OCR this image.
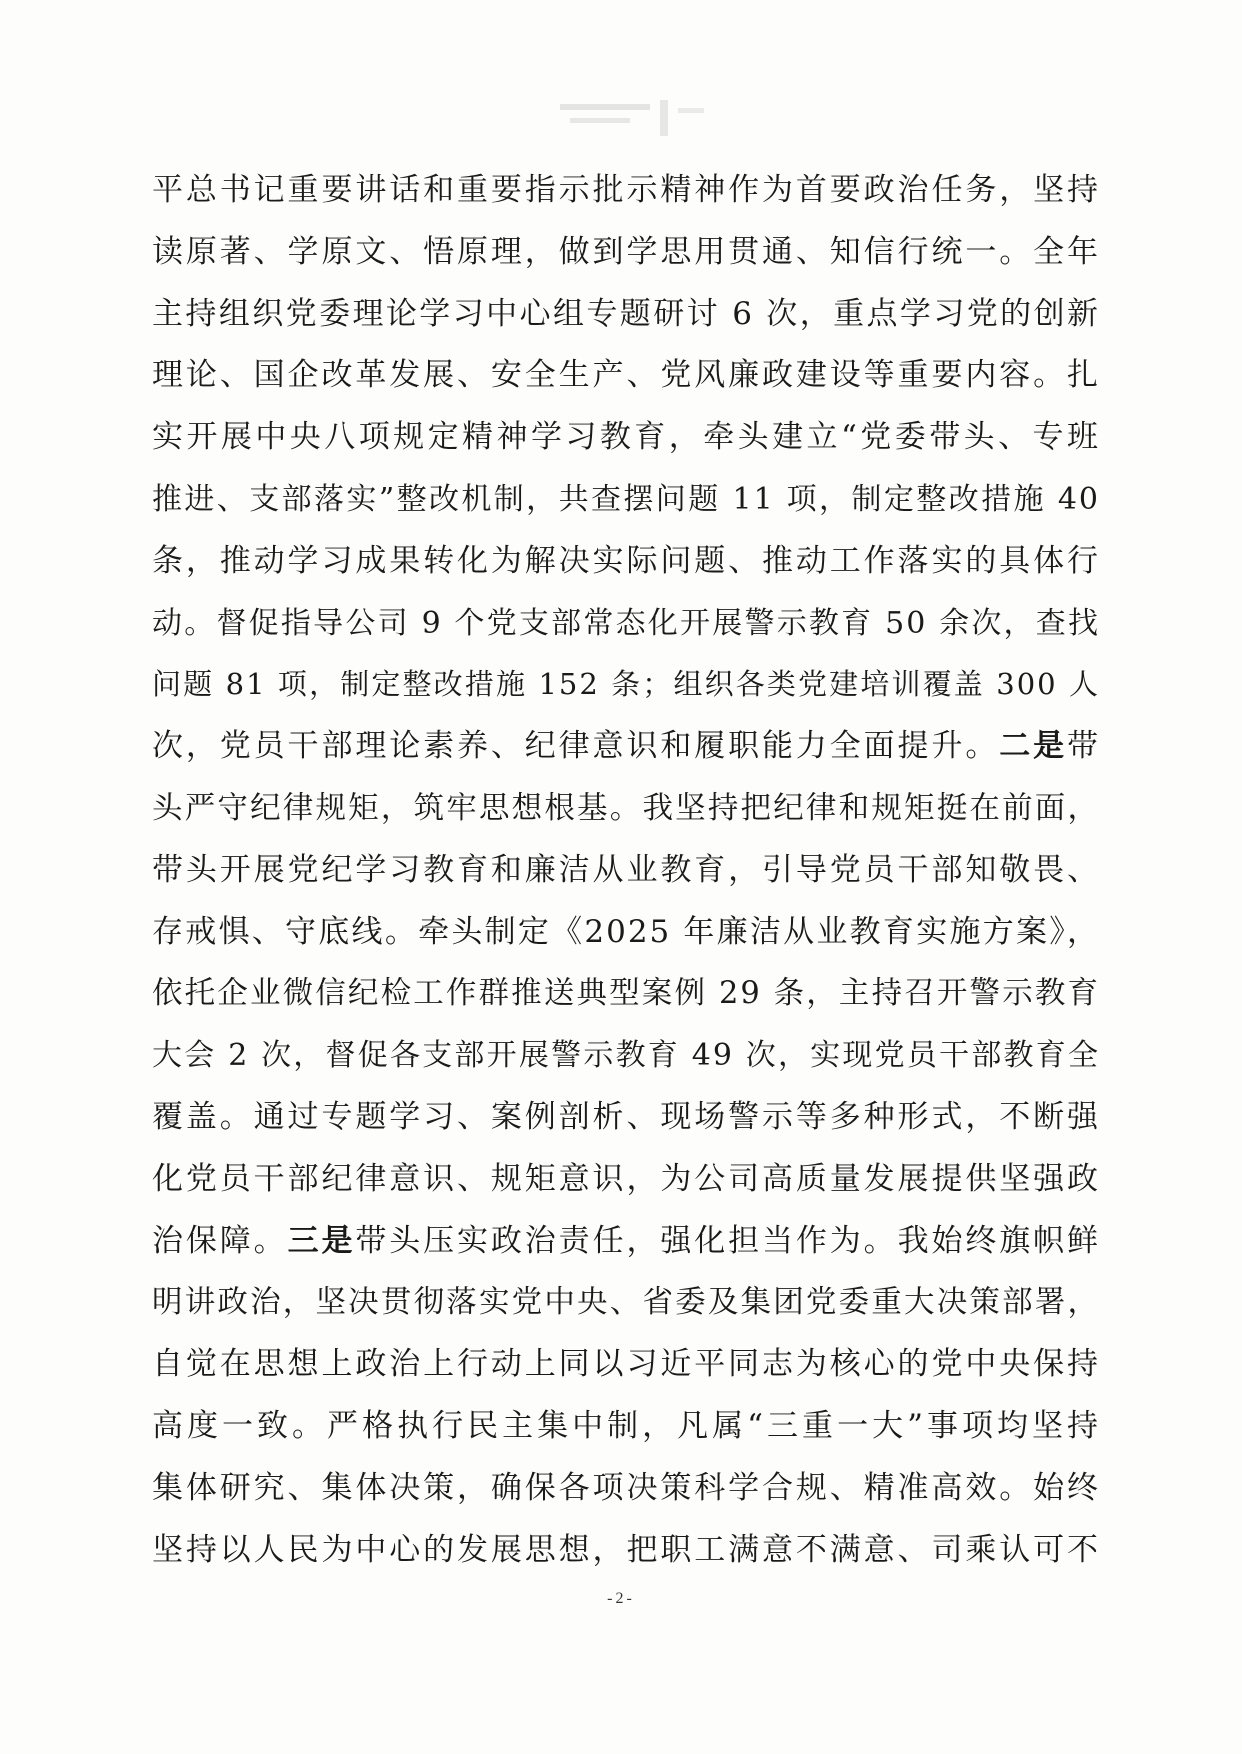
平总书记重要讲话和重要指示批示精神作为首要政治任务，坚持
读原著、学原文、悟原理，做到学思用贯通、知信行统一。全年
主持组织党委理论学习中心组专题研讨 6 次，重点学习党的创新
理论、国企改革发展、安全生产、党风廉政建设等重要内容。扎
实开展中央八项规定精神学习教育，牵头建立“党委带头、专班
推进、支部落实”整改机制，共查摆问题 11 项，制定整改措施 40
条，推动学习成果转化为解决实际问题、推动工作落实的具体行
动。督促指导公司 9 个党支部常态化开展警示教育 50 余次，查找
问题 81 项，制定整改措施 152 条；组织各类党建培训覆盖 300 人
次，党员干部理论素养、纪律意识和履职能力全面提升。二是带
头严守纪律规矩，筑牢思想根基。我坚持把纪律和规矩挺在前面，
带头开展党纪学习教育和廉洁从业教育，引导党员干部知敬畏、
存戒惧、守底线。牵头制定《2025 年廉洁从业教育实施方案》，
依托企业微信纪检工作群推送典型案例 29 条，主持召开警示教育
大会 2 次，督促各支部开展警示教育 49 次，实现党员干部教育全
覆盖。通过专题学习、案例剖析、现场警示等多种形式，不断强
化党员干部纪律意识、规矩意识，为公司高质量发展提供坚强政
治保障。三是带头压实政治责任，强化担当作为。我始终旗帜鲜
明讲政治，坚决贯彻落实党中央、省委及集团党委重大决策部署，
自觉在思想上政治上行动上同以习近平同志为核心的党中央保持
高度一致。严格执行民主集中制，凡属“三重一大”事项均坚持
集体研究、集体决策，确保各项决策科学合规、精准高效。始终
坚持以人民为中心的发展思想，把职工满意不满意、司乘认可不
-2-
